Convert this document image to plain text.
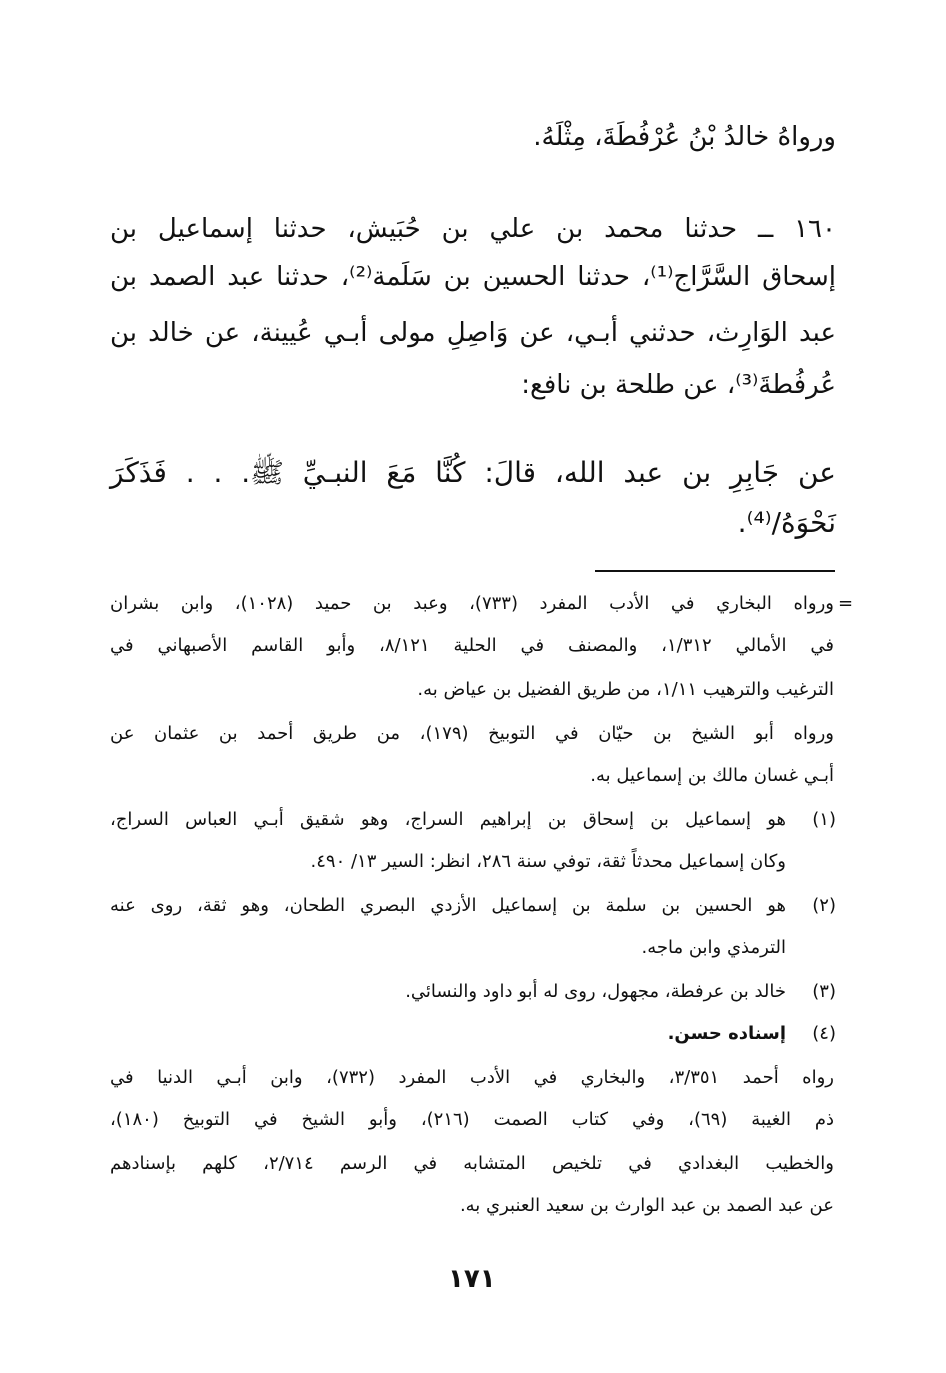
ورواهُ خالدُ بْنُ عُرْفُطَةَ، مِثْلَهُ.

١٦٠ ــ حدثنا محمد بن علي بن حُبَيش، حدثنا إسماعيل بن

إسحاق السَّرَّاج⁽¹⁾، حدثنا الحسين بن سَلَمة⁽²⁾، حدثنا عبد الصمد بن

عبد الوَارِث، حدثني أبـي، عن وَاصِلِ مولى أبـي عُيينة، عن خالد بن

عُرفُطةَ⁽³⁾، عن طلحة بن نافع:

عن جَابِرِ بن عبد الله، قالَ: كُنَّا مَعَ النبـيِّ ﷺ. . . فَذَكَرَ

نَحْوَهُ/⁽⁴⁾.

=

ورواه البخاري في الأدب المفرد (٧٣٣)، وعبد بن حميد (١٠٢٨)، وابن بشران

في الأمالي ١/٣١٢، والمصنف في الحلية ٨/١٢١، وأبو القاسم الأصبهاني في

الترغيب والترهيب ١/١١، من طريق الفضيل بن عياض به.

ورواه أبو الشيخ بن حيّان في التوبيخ (١٧٩)، من طريق أحمد بن عثمان عن

أبـي غسان مالك بن إسماعيل به.

(١)

هو إسماعيل بن إسحاق بن إبراهيم السراج، وهو شقيق أبـي العباس السراج،

وكان إسماعيل محدثاً ثقة، توفي سنة ٢٨٦، انظر: السير ١٣/ ٤٩٠.

(٢)

هو الحسين بن سلمة بن إسماعيل الأزدي البصري الطحان، وهو ثقة، روى عنه

الترمذي وابن ماجه.

(٣)

خالد بن عرفطة، مجهول، روى له أبو داود والنسائي.

(٤)

إسناده حسن.

رواه أحمد ٣/٣٥١، والبخاري في الأدب المفرد (٧٣٢)، وابن أبـي الدنيا في

ذم الغيبة (٦٩)، وفي كتاب الصمت (٢١٦)، وأبو الشيخ في التوبيخ (١٨٠)،

والخطيب البغدادي في تلخيص المتشابه في الرسم ٢/٧١٤، كلهم بإسنادهم

عن عبد الصمد بن عبد الوارث بن سعيد العنبري به.

١٧١
